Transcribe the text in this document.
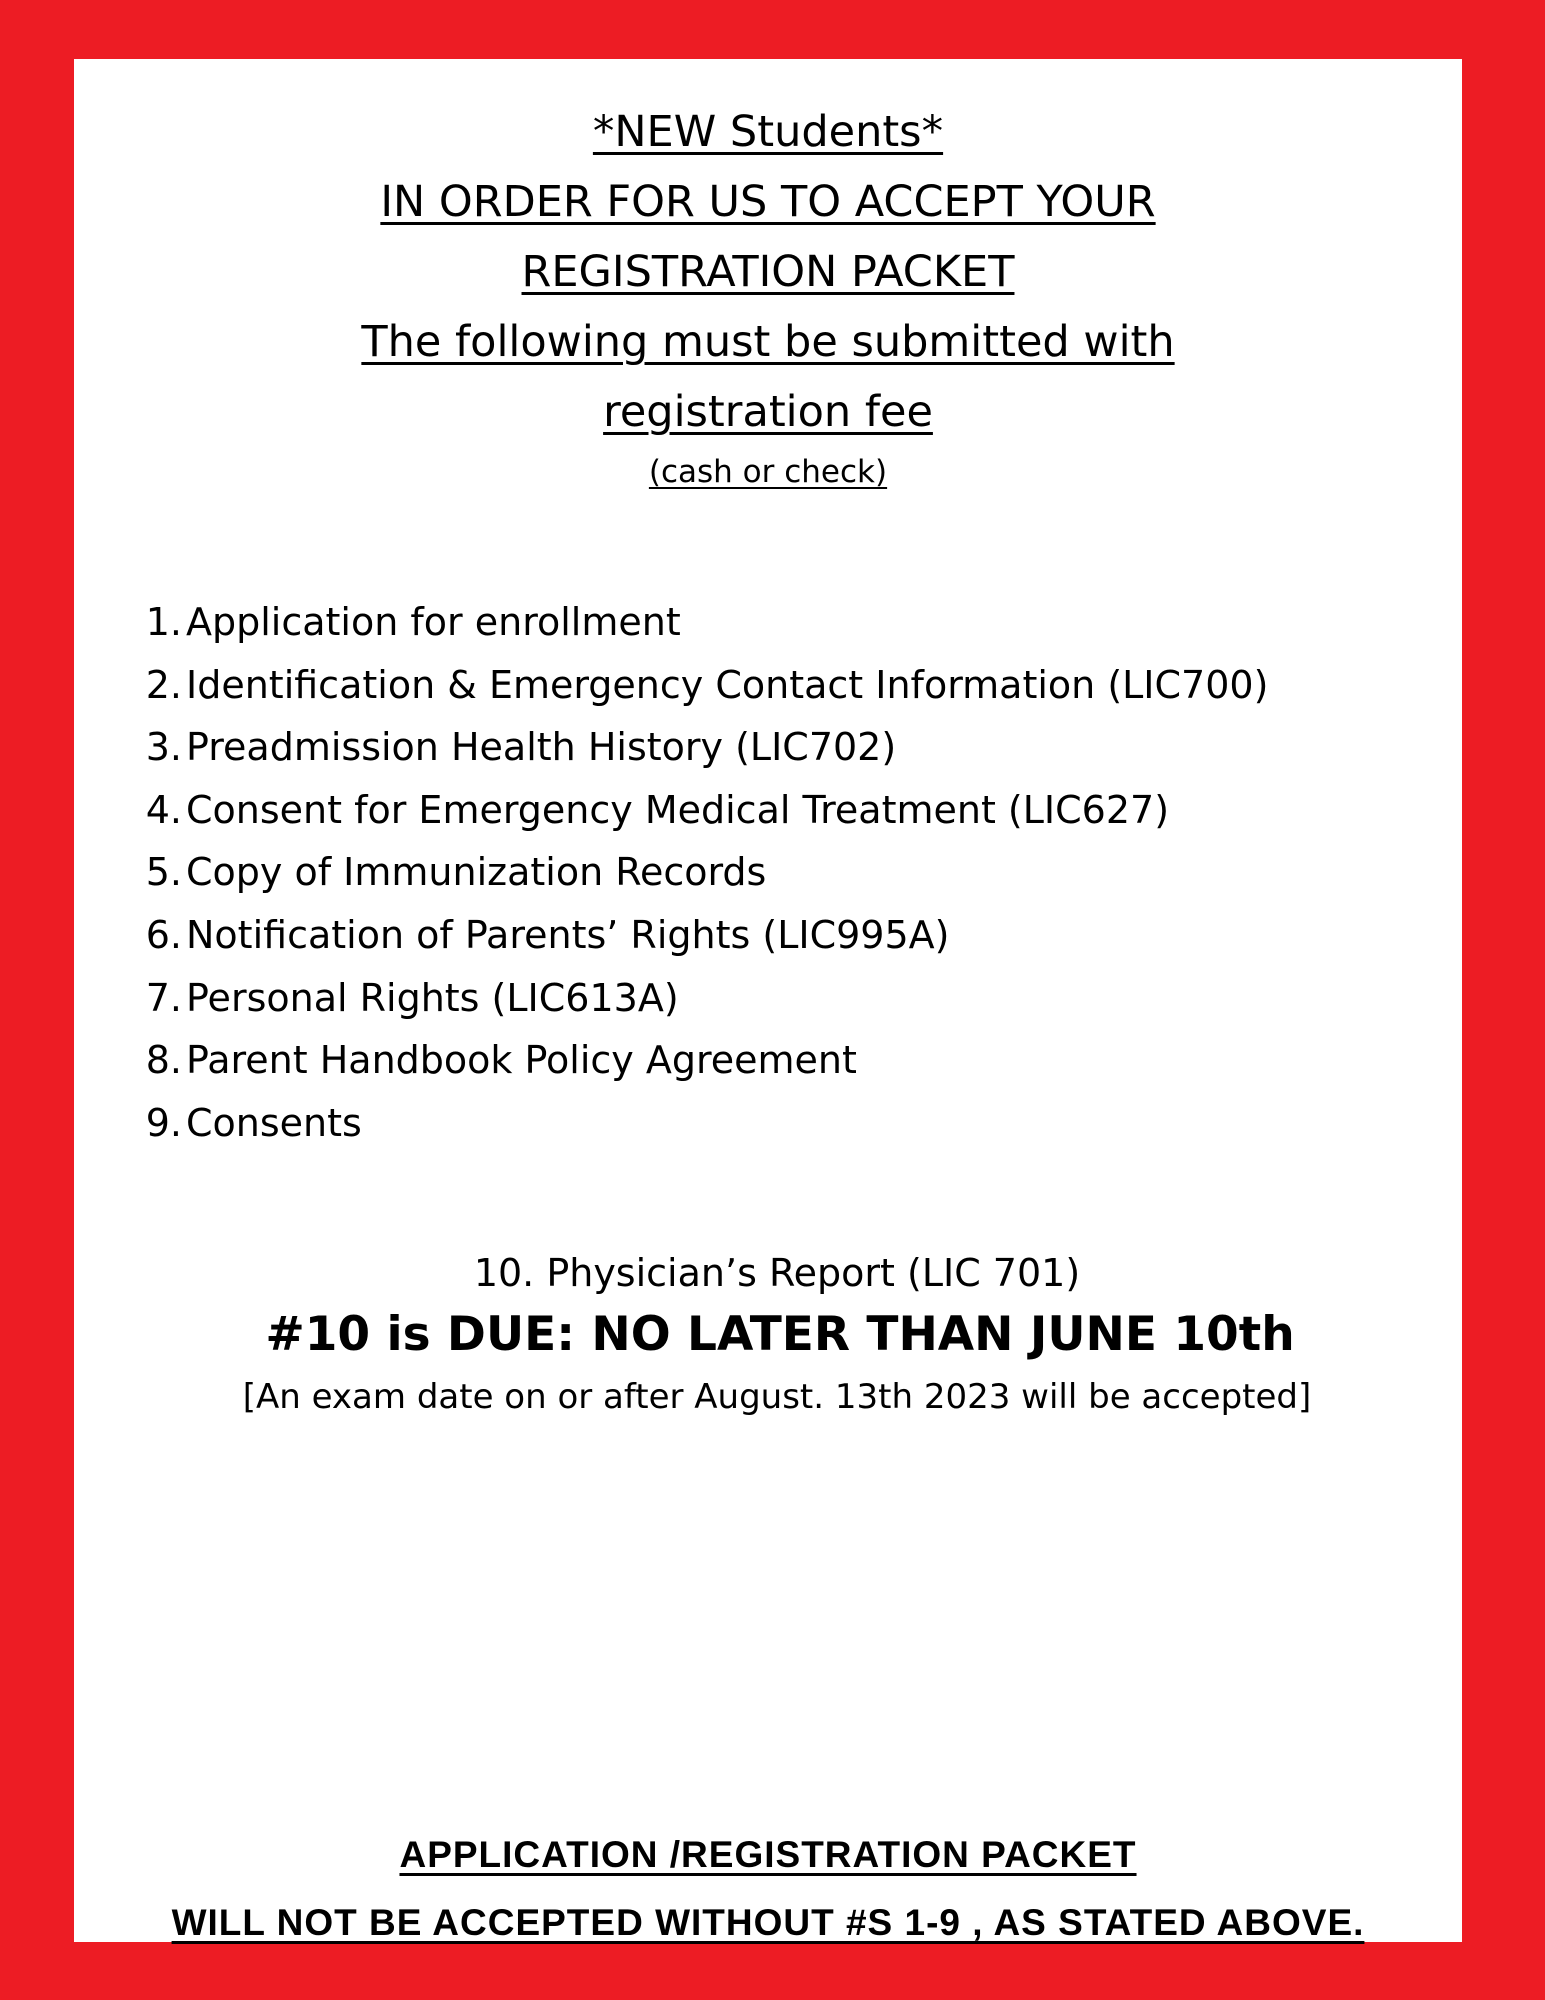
*NEW Students*
IN ORDER FOR US TO ACCEPT YOUR
REGISTRATION PACKET
The following must be submitted with
registration fee
(cash or check)
1. Application for enrollment
2. Identification & Emergency Contact Information (LIC700)
3. Preadmission Health History (LIC702)
4. Consent for Emergency Medical Treatment (LIC627)
5. Copy of Immunization Records
6. Notification of Parents’ Rights (LIC995A)
7. Personal Rights (LIC613A)
8. Parent Handbook Policy Agreement
9. Consents
10. Physician’s Report (LIC 701)
#10 is DUE: NO LATER THAN JUNE 10th
[An exam date on or after August. 13th 2023 will be accepted]
APPLICATION /REGISTRATION PACKET
WILL NOT BE ACCEPTED WITHOUT #S 1-9 , AS STATED ABOVE.
